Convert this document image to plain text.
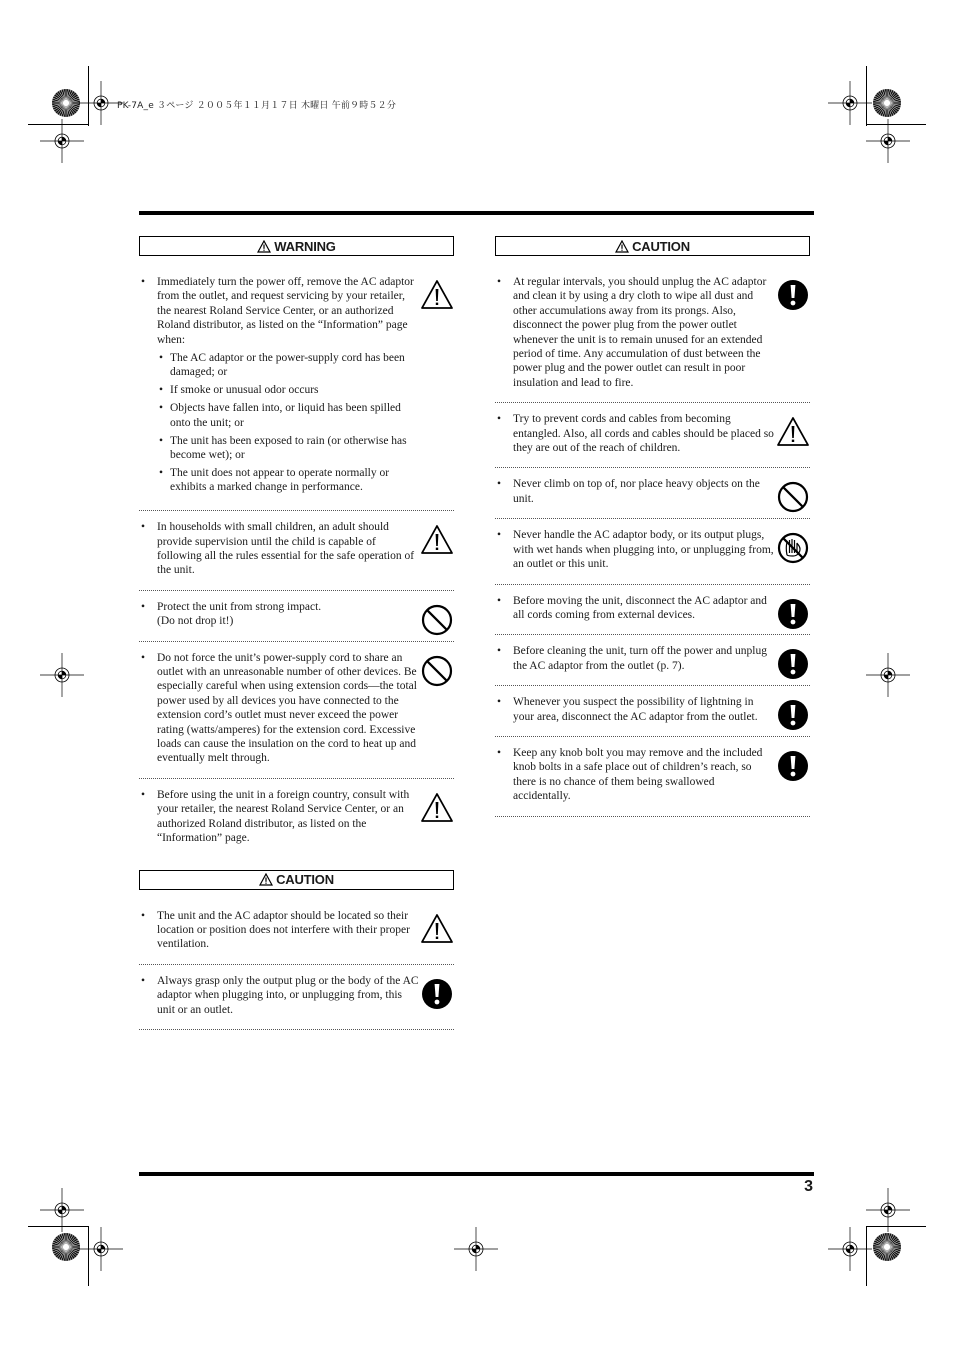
PK-7A_e ３ページ ２００５年１１月１７日 木曜日 午前９時５２分
WARNING
• Immediately turn the power off, remove the AC adaptor from the outlet, and request servicing by your retailer, the nearest Roland Service Center, or an authorized Roland distributor, as listed on the “Information” page when:
• The AC adaptor or the power-supply cord has been damaged; or
• If smoke or unusual odor occurs
• Objects have fallen into, or liquid has been spilled onto the unit; or
• The unit has been exposed to rain (or otherwise has become wet); or
• The unit does not appear to operate normally or exhibits a marked change in performance.
• In households with small children, an adult should provide supervision until the child is capable of following all the rules essential for the safe operation of the unit.
• Protect the unit from strong impact.
(Do not drop it!)
• Do not force the unit’s power-supply cord to share an outlet with an unreasonable number of other devices. Be especially careful when using extension cords—the total power used by all devices you have connected to the extension cord’s outlet must never exceed the power rating (watts/amperes) for the extension cord. Excessive loads can cause the insulation on the cord to heat up and eventually melt through.
• Before using the unit in a foreign country, consult with your retailer, the nearest Roland Service Center, or an authorized Roland distributor, as listed on the “Information” page.
CAUTION
• The unit and the AC adaptor should be located so their location or position does not interfere with their proper ventilation.
• Always grasp only the output plug or the body of the AC adaptor when plugging into, or unplugging from, this unit or an outlet.
CAUTION
• At regular intervals, you should unplug the AC adaptor and clean it by using a dry cloth to wipe all dust and other accumulations away from its prongs. Also, disconnect the power plug from the power outlet whenever the unit is to remain unused for an extended period of time. Any accumulation of dust between the power plug and the power outlet can result in poor insulation and lead to fire.
• Try to prevent cords and cables from becoming entangled. Also, all cords and cables should be placed so they are out of the reach of children.
• Never climb on top of, nor place heavy objects on the unit.
• Never handle the AC adaptor body, or its output plugs, with wet hands when plugging into, or unplugging from, an outlet or this unit.
• Before moving the unit, disconnect the AC adaptor and all cords coming from external devices.
• Before cleaning the unit, turn off the power and unplug the AC adaptor from the outlet (p. 7).
• Whenever you suspect the possibility of lightning in your area, disconnect the AC adaptor from the outlet.
• Keep any knob bolt you may remove and the included knob bolts in a safe place out of children’s reach, so there is no chance of them being swallowed accidentally.
3
